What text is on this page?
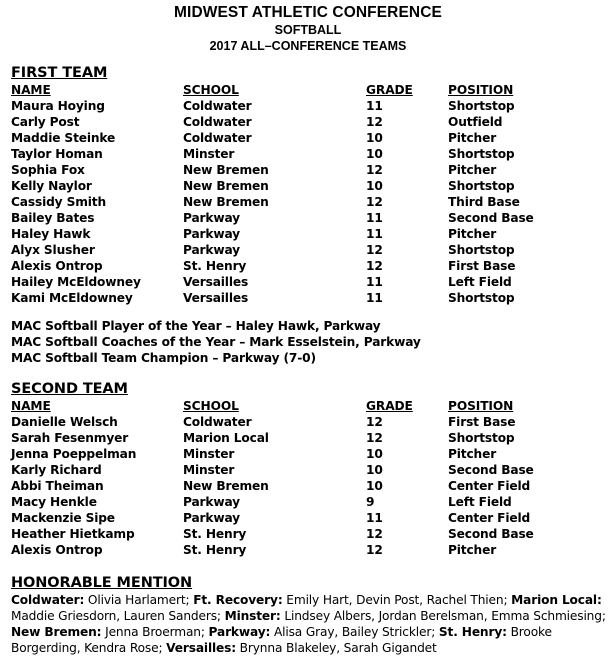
MIDWEST ATHLETIC CONFERENCE
SOFTBALL
2017 ALL–CONFERENCE TEAMS
FIRST TEAM
NAME	SCHOOL	GRADE	POSITION
Maura Hoying	Coldwater	11	Shortstop
Carly Post	Coldwater	12	Outfield
Maddie Steinke	Coldwater	10	Pitcher
Taylor Homan	Minster	10	Shortstop
Sophia Fox	New Bremen	12	Pitcher
Kelly Naylor	New Bremen	10	Shortstop
Cassidy Smith	New Bremen	12	Third Base
Bailey Bates	Parkway	11	Second Base
Haley Hawk	Parkway	11	Pitcher
Alyx Slusher	Parkway	12	Shortstop
Alexis Ontrop	St. Henry	12	First Base
Hailey McEldowney	Versailles	11	Left Field
Kami McEldowney	Versailles	11	Shortstop
MAC Softball Player of the Year – Haley Hawk, Parkway
MAC Softball Coaches of the Year – Mark Esselstein, Parkway
MAC Softball Team Champion – Parkway (7-0)
SECOND TEAM
NAME	SCHOOL	GRADE	POSITION
Danielle Welsch	Coldwater	12	First Base
Sarah Fesenmyer	Marion Local	12	Shortstop
Jenna Poeppelman	Minster	10	Pitcher
Karly Richard	Minster	10	Second Base
Abbi Theiman	New Bremen	10	Center Field
Macy Henkle	Parkway	9	Left Field
Mackenzie Sipe	Parkway	11	Center Field
Heather Hietkamp	St. Henry	12	Second Base
Alexis Ontrop	St. Henry	12	Pitcher
HONORABLE MENTION
Coldwater: Olivia Harlamert; Ft. Recovery: Emily Hart, Devin Post, Rachel Thien; Marion Local: Maddie Griesdorn, Lauren Sanders; Minster: Lindsey Albers, Jordan Berelsman, Emma Schmiesing; New Bremen: Jenna Broerman; Parkway: Alisa Gray, Bailey Strickler; St. Henry: Brooke Borgerding, Kendra Rose; Versailles: Brynna Blakeley, Sarah Gigandet
